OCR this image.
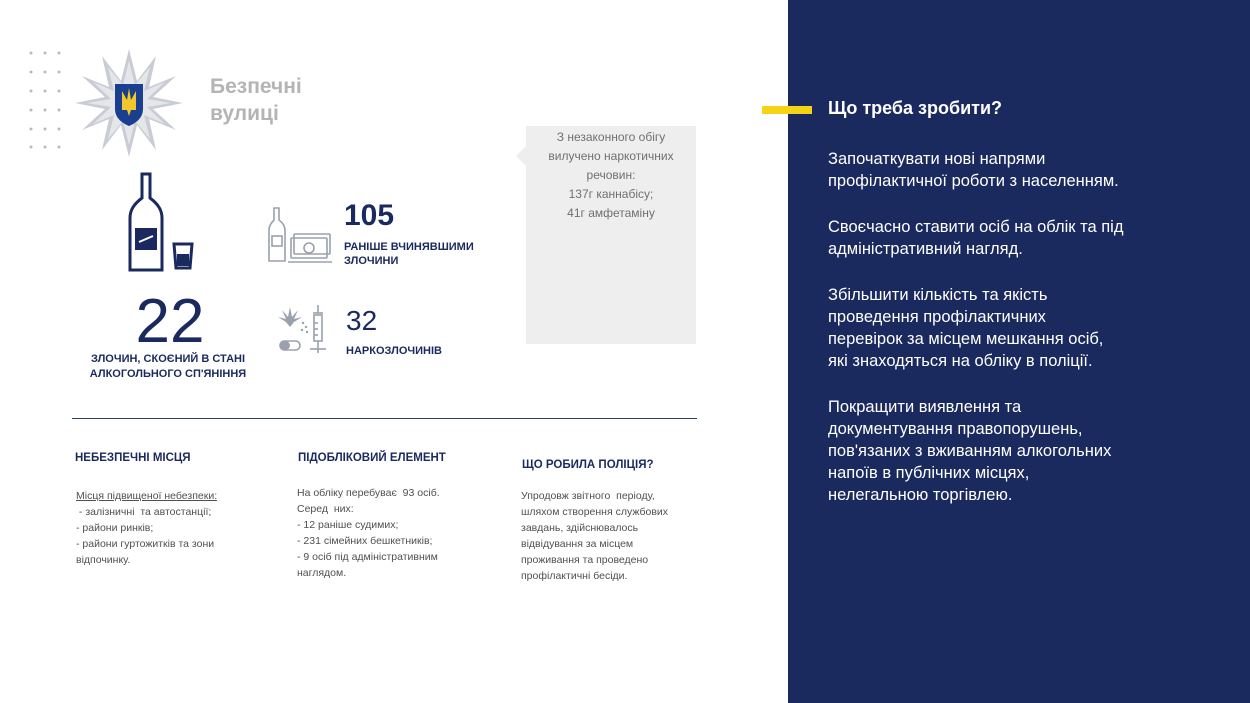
Безпечні
вулиці
22
ЗЛОЧИН, СКОЄНИЙ В СТАНІ
АЛКОГОЛЬНОГО СП'ЯНІННЯ
105
РАНІШЕ ВЧИНЯВШИМИ
ЗЛОЧИНИ
32
НАРКОЗЛОЧИНІВ
З незаконного обігу
вилучено наркотичних
речовин:
137г каннабісу;
41г амфетаміну
НЕБЕЗПЕЧНІ МІСЦЯ
Місця підвищеної небезпеки:
- залізничні  та автостанції;
- райони ринків;
- райони гуртожитків та зони
відпочинку.
ПІДОБЛІКОВИЙ ЕЛЕМЕНТ
На обліку перебуває  93 осіб.
Серед  них:
- 12 раніше судимих;
- 231 сімейних бешкетників;
- 9 осіб під адміністративним
наглядом.
ЩО РОБИЛА ПОЛІЦІЯ?
Упродовж звітного  періоду,
шляхом створення службових
завдань, здійснювалось
відвідування за місцем
проживання та проведено
профілактичні бесіди.
Що треба зробити?
Започаткувати нові напрями
профілактичної роботи з населенням.
Своєчасно ставити осіб на облік та під
адміністративний нагляд.
Збільшити кількість та якість
проведення профілактичних
перевірок за місцем мешкання осіб,
які знаходяться на обліку в поліції.
Покращити виявлення та
документування правопорушень,
пов'язаних з вживанням алкогольних
напоїв в публічних місцях,
нелегальною торгівлею.
